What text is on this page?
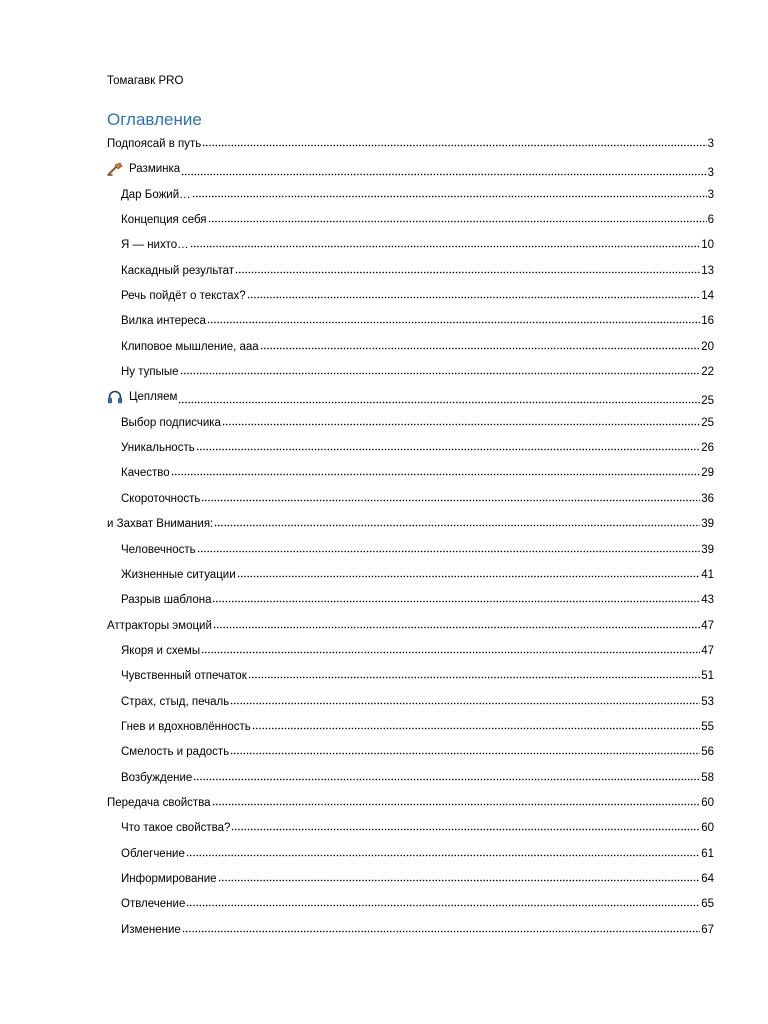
Томагавк PRO
Оглавление
Подпоясай в путь	3
Разминка	3
Дар Божий…	3
Концепция себя	6
Я — нихто…	10
Каскадный результат	13
Речь пойдёт о текстах?	14
Вилка интереса	16
Клиповое мышление, ааа	20
Ну тупыые	22
Цепляем	25
Выбор подписчика	25
Уникальность	26
Качество	29
Скороточность	36
и Захват Внимания:	39
Человечность	39
Жизненные ситуации	41
Разрыв шаблона	43
Аттракторы эмоций	47
Якоря и схемы	47
Чувственный отпечаток	51
Страх, стыд, печаль	53
Гнев и вдохновлённость	55
Смелость и радость	56
Возбуждение	58
Передача свойства	60
Что такое свойства?	60
Облегчение	61
Информирование	64
Отвлечение	65
Изменение	67
